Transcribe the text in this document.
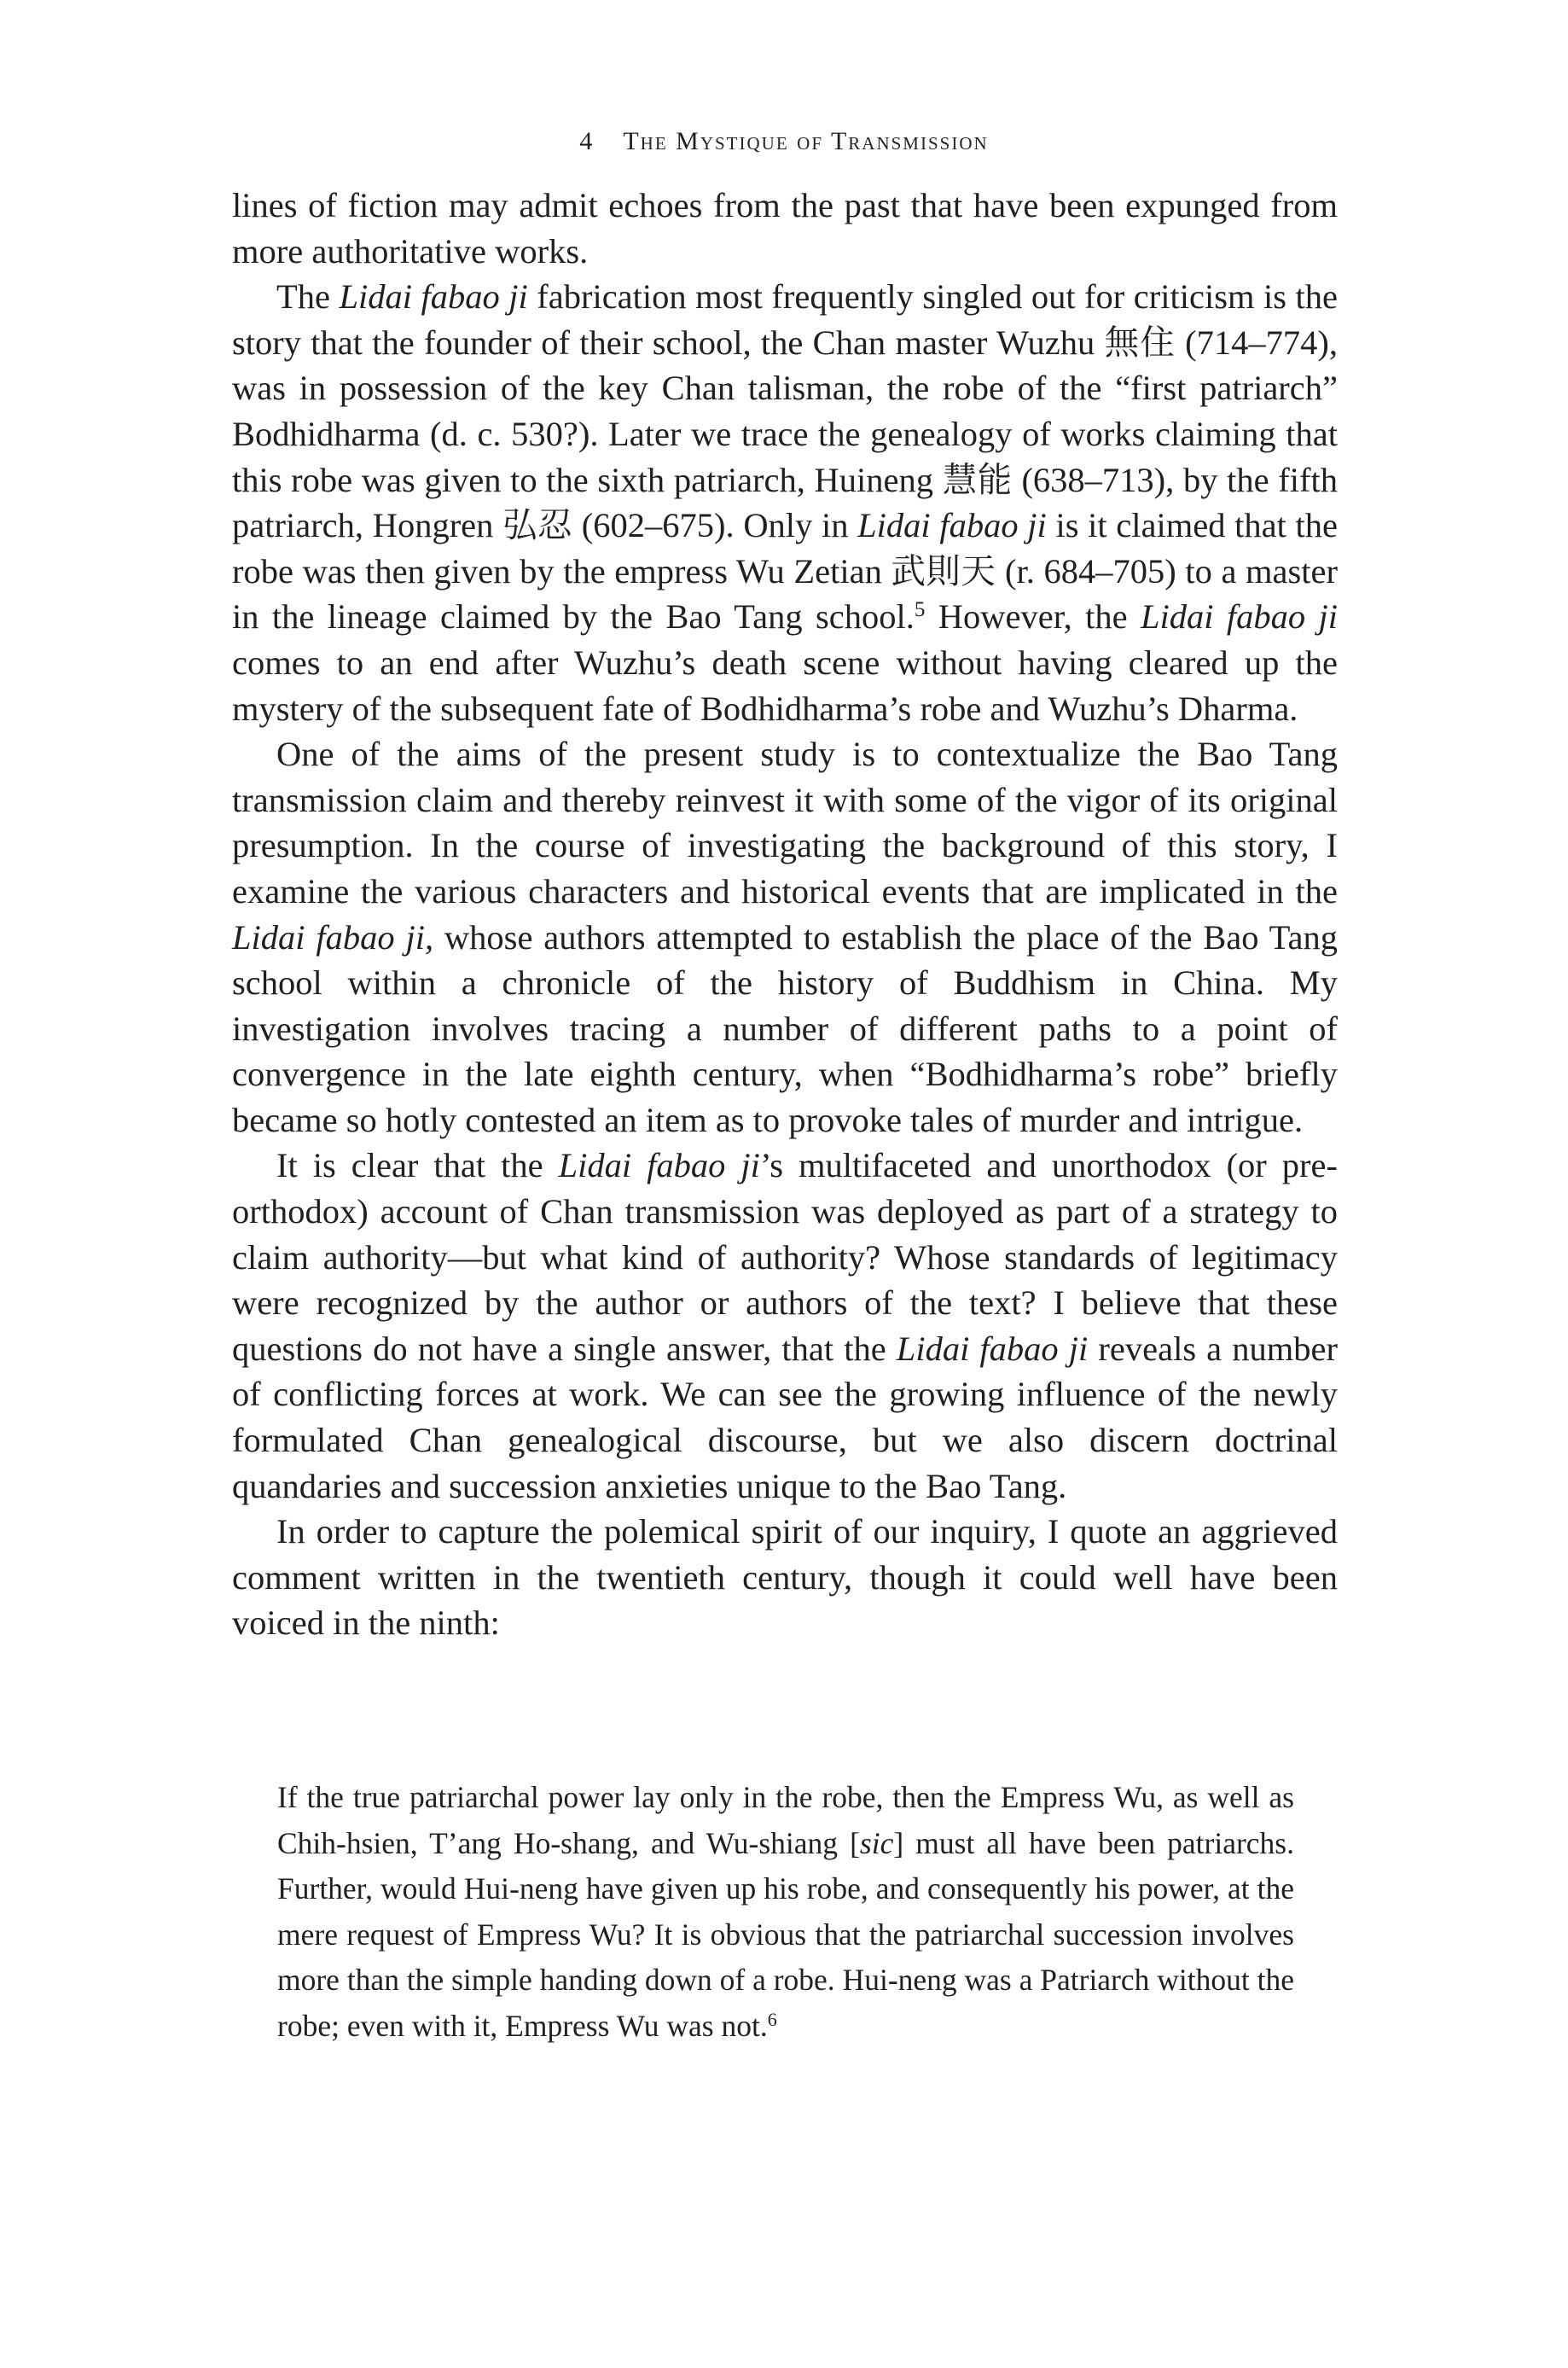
4 The Mystique of Transmission

lines of fiction may admit echoes from the past that have been expunged from more authoritative works.

The Lidai fabao ji fabrication most frequently singled out for criticism is the story that the founder of their school, the Chan master Wuzhu 無住 (714–774), was in possession of the key Chan talisman, the robe of the “first patriarch” Bodhidharma (d. c. 530?). Later we trace the genealogy of works claiming that this robe was given to the sixth patriarch, Huineng 慧能 (638–713), by the fifth patriarch, Hongren 弘忍 (602–675). Only in Lidai fabao ji is it claimed that the robe was then given by the empress Wu Zetian 武則天 (r. 684–705) to a master in the lineage claimed by the Bao Tang school.$^5$ However, the Lidai fabao ji comes to an end after Wuzhu’s death scene without having cleared up the mystery of the subsequent fate of Bodhidharma’s robe and Wuzhu’s Dharma.

One of the aims of the present study is to contextualize the Bao Tang transmission claim and thereby reinvest it with some of the vigor of its original presumption. In the course of investigating the background of this story, I examine the various characters and historical events that are implicated in the Lidai fabao ji, whose authors attempted to establish the place of the Bao Tang school within a chronicle of the history of Buddhism in China. My investigation involves tracing a number of different paths to a point of convergence in the late eighth century, when “Bodhidharma’s robe” briefly became so hotly contested an item as to provoke tales of murder and intrigue.

It is clear that the Lidai fabao ji’s multifaceted and unorthodox (or pre-orthodox) account of Chan transmission was deployed as part of a strategy to claim authority—but what kind of authority? Whose standards of legitimacy were recognized by the author or authors of the text? I believe that these questions do not have a single answer, that the Lidai fabao ji reveals a number of conflicting forces at work. We can see the growing influence of the newly formulated Chan genealogical discourse, but we also discern doctrinal quandaries and succession anxieties unique to the Bao Tang.

In order to capture the polemical spirit of our inquiry, I quote an aggrieved comment written in the twentieth century, though it could well have been voiced in the ninth:

If the true patriarchal power lay only in the robe, then the Empress Wu, as well as Chih-hsien, T’ang Ho-shang, and Wu-shiang [sic] must all have been patriarchs. Further, would Hui-neng have given up his robe, and consequently his power, at the mere request of Empress Wu? It is obvious that the patriarchal succession involves more than the simple handing down of a robe. Hui-neng was a Patriarch without the robe; even with it, Empress Wu was not.$^6$
